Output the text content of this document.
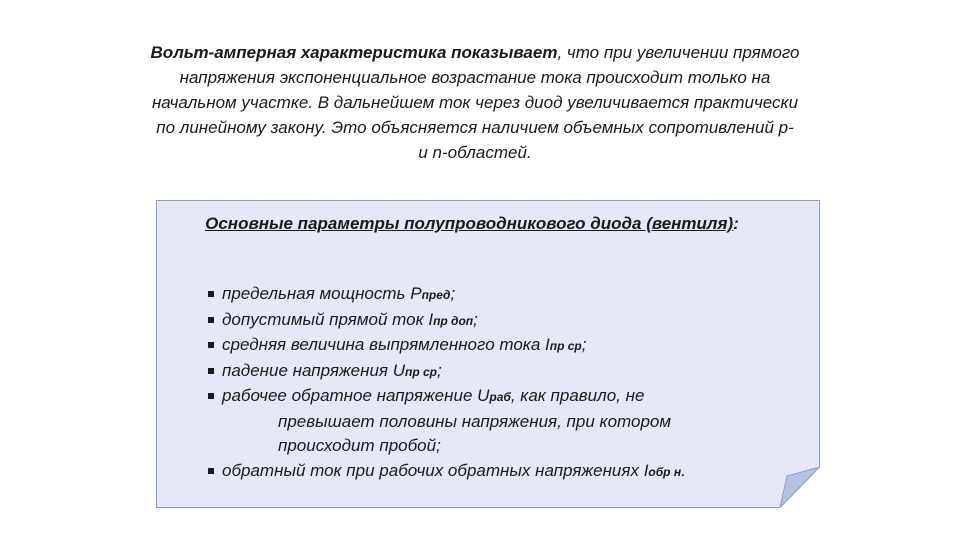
Вольт-амперная характеристика показывает, что при увеличении прямого напряжения экспоненциальное возрастание тока происходит только на начальном участке. В дальнейшем ток через диод увеличивается практически по линейному закону. Это объясняется наличием объемных сопротивлений p- и n-областей.
Основные параметры полупроводникового диода (вентиля):
предельная мощность Pпред;
допустимый прямой ток Iпр доп;
средняя величина выпрямленного тока Iпр ср;
падение напряжения Uпр ср;
рабочее обратное напряжение Uраб, как правило, не
превышает половины напряжения, при котором
происходит пробой;
обратный ток при рабочих обратных напряжениях Iобр н.
